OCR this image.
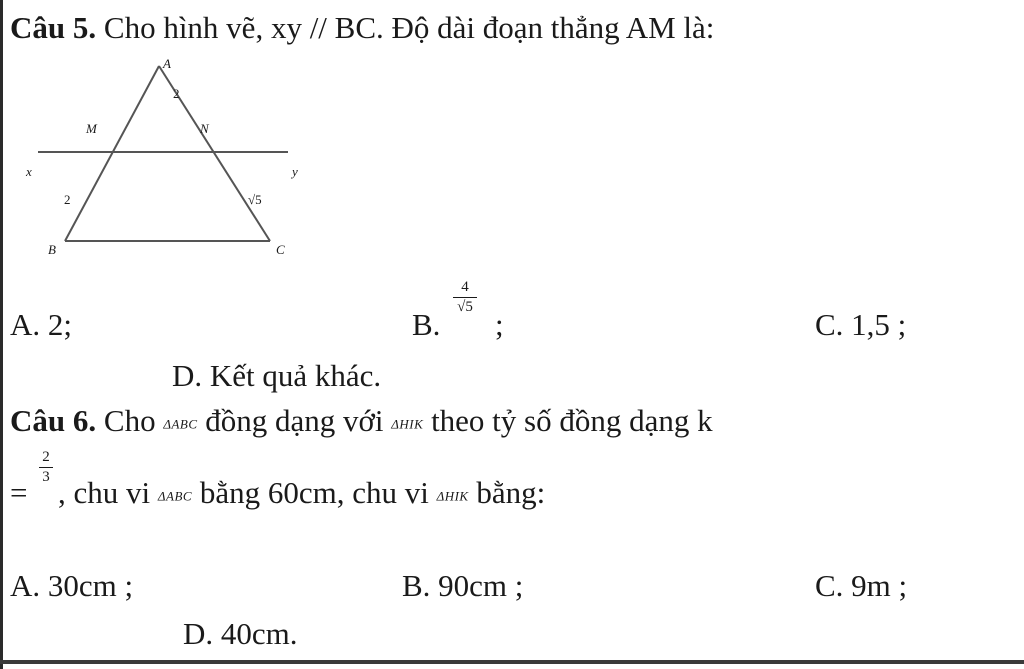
Câu 5. Cho hình vẽ, xy // BC. Độ dài đoạn thẳng AM là:
A
2
M	N
x	y
2	√5
B	C
A. 2;	B.
4
√5 ;	C. 1,5 ;
D. Kết quả khác.
Câu 6. Cho ΔABC đồng dạng với ΔHIK theo tỷ số đồng dạng k
=
2
3 , chu vi ΔABC bằng 60cm, chu vi ΔHIK bằng:
A. 30cm ;	B. 90cm ;	C. 9m ;
D. 40cm.
